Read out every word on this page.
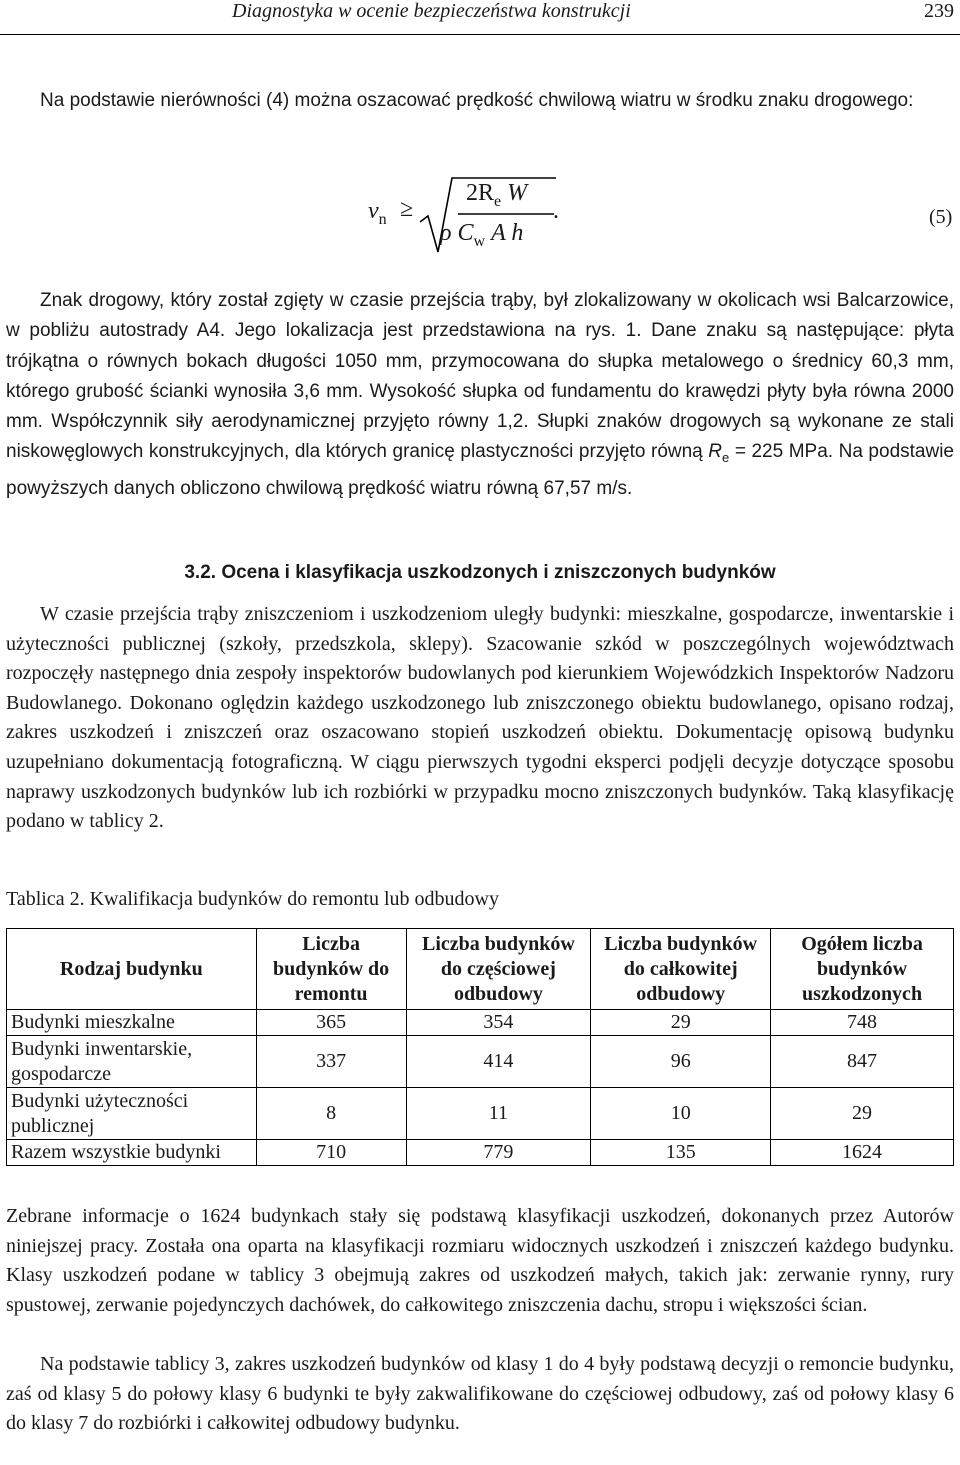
Diagnostyka w ocenie bezpieczeństwa konstrukcji	239

Na podstawie nierówności (4) można oszacować prędkość chwilową wiatru w środku znaku drogowego:

$v_n$ ≥
$2R_e$ W
ρ $C_w$ A h
.	(5)

Znak drogowy, który został zgięty w czasie przejścia trąby, był zlokalizowany w okolicach wsi Balcarzowice, w pobliżu autostrady A4. Jego lokalizacja jest przedstawiona na rys. 1. Dane znaku są następujące: płyta trójkątna o równych bokach długości 1050 mm, przymocowana do słupka metalowego o średnicy 60,3 mm, którego grubość ścianki wynosiła 3,6 mm. Wysokość słupka od fundamentu do krawędzi płyty była równa 2000 mm. Współczynnik siły aerodynamicznej przyjęto równy 1,2. Słupki znaków drogowych są wykonane ze stali niskowęglowych konstrukcyjnych, dla których granicę plastyczności przyjęto równą $R_e = 225$ MPa. Na podstawie powyższych danych obliczono chwilową prędkość wiatru równą 67,57 m/s.

3.2. Ocena i klasyfikacja uszkodzonych i zniszczonych budynków

W czasie przejścia trąby zniszczeniom i uszkodzeniom uległy budynki: mieszkalne, gospodarcze, inwentarskie i użyteczności publicznej (szkoły, przedszkola, sklepy). Szacowanie szkód w poszczególnych województwach rozpoczęły następnego dnia zespoły inspektorów budowlanych pod kierunkiem Wojewódzkich Inspektorów Nadzoru Budowlanego. Dokonano oględzin każdego uszkodzonego lub zniszczonego obiektu budowlanego, opisano rodzaj, zakres uszkodzeń i zniszczeń oraz oszacowano stopień uszkodzeń obiektu. Dokumentację opisową budynku uzupełniano dokumentacją fotograficzną. W ciągu pierwszych tygodni eksperci podjęli decyzje dotyczące sposobu naprawy uszkodzonych budynków lub ich rozbiórki w przypadku mocno zniszczonych budynków. Taką klasyfikację podano w tablicy 2.

Tablica 2. Kwalifikacja budynków do remontu lub odbudowy
Rodzaj budynku	Liczba budynków do remontu	Liczba budynków do częściowej odbudowy	Liczba budynków do całkowitej odbudowy	Ogółem liczba budynków uszkodzonych
Budynki mieszkalne	365	354	29	748
Budynki inwentarskie, gospodarcze	337	414	96	847
Budynki użyteczności publicznej	8	11	10	29
Razem wszystkie budynki	710	779	135	1624

Zebrane informacje o 1624 budynkach stały się podstawą klasyfikacji uszkodzeń, dokonanych przez Autorów niniejszej pracy. Została ona oparta na klasyfikacji rozmiaru widocznych uszkodzeń i zniszczeń każdego budynku. Klasy uszkodzeń podane w tablicy 3 obejmują zakres od uszkodzeń małych, takich jak: zerwanie rynny, rury spustowej, zerwanie pojedynczych dachówek, do całkowitego zniszczenia dachu, stropu i większości ścian.

Na podstawie tablicy 3, zakres uszkodzeń budynków od klasy 1 do 4 były podstawą decyzji o remoncie budynku, zaś od klasy 5 do połowy klasy 6 budynki te były zakwalifikowane do częściowej odbudowy, zaś od połowy klasy 6 do klasy 7 do rozbiórki i całkowitej odbudowy budynku.
